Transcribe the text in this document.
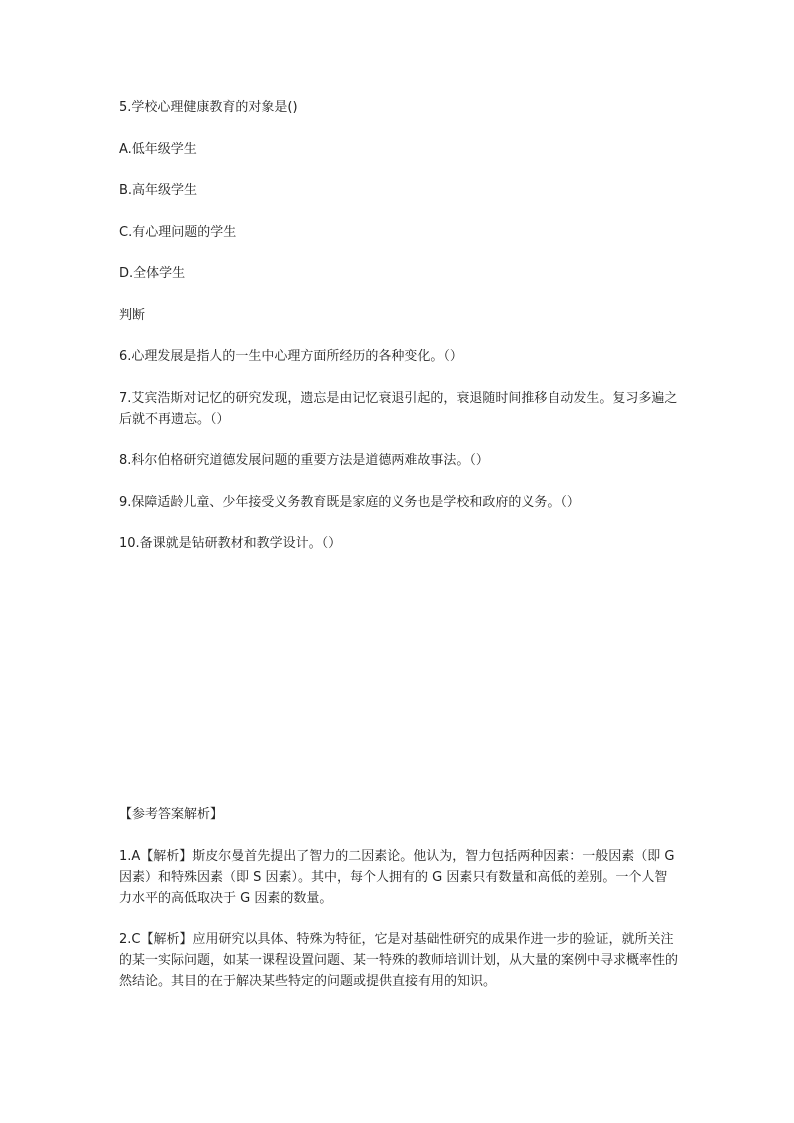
5.学校心理健康教育的对象是()
A.低年级学生
B.高年级学生
C.有心理问题的学生
D.全体学生
判断
6.心理发展是指人的一生中心理方面所经历的各种变化。（）
7.艾宾浩斯对记忆的研究发现，遗忘是由记忆衰退引起的，衰退随时间推移自动发生。复习多遍之后就不再遗忘。（）
8.科尔伯格研究道德发展问题的重要方法是道德两难故事法。（）
9.保障适龄儿童、少年接受义务教育既是家庭的义务也是学校和政府的义务。（）
10.备课就是钻研教材和教学设计。（）
【参考答案解析】
1.A【解析】斯皮尔曼首先提出了智力的二因素论。他认为，智力包括两种因素：一般因素（即 G 因素）和特殊因素（即 S 因素）。其中，每个人拥有的 G 因素只有数量和高低的差别。一个人智力水平的高低取决于 G 因素的数量。
2.C【解析】应用研究以具体、特殊为特征，它是对基础性研究的成果作进一步的验证，就所关注的某一实际问题，如某一课程设置问题、某一特殊的教师培训计划，从大量的案例中寻求概率性的然结论。其目的在于解决某些特定的问题或提供直接有用的知识。
